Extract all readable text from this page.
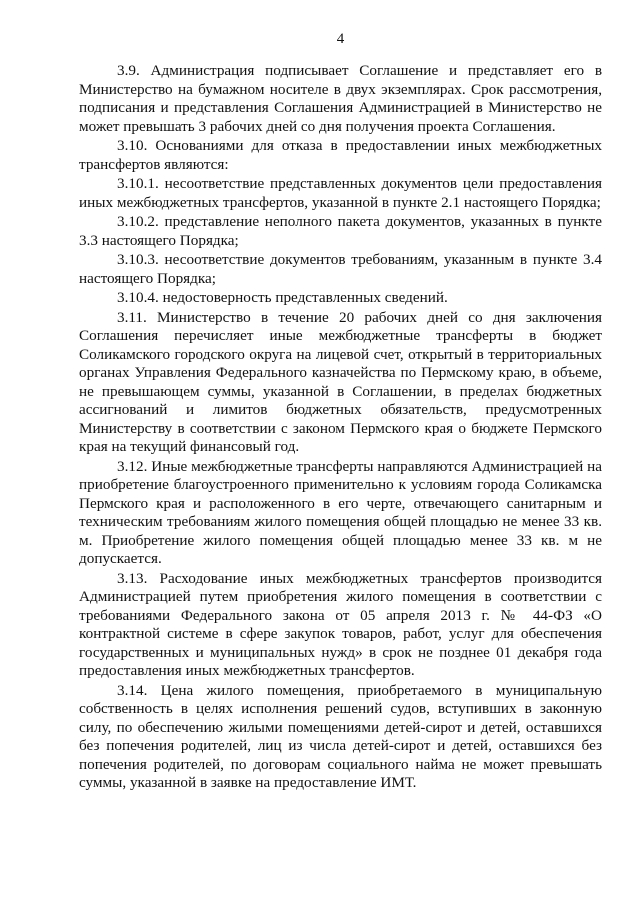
4

3.9. Администрация подписывает Соглашение и представляет его в Министерство на бумажном носителе в двух экземплярах. Срок рассмотрения, подписания и представления Соглашения Администрацией в Министерство не может превышать 3 рабочих дней со дня получения проекта Соглашения.

3.10. Основаниями для отказа в предоставлении иных межбюджетных трансфертов являются:

3.10.1. несоответствие представленных документов цели предоставления иных межбюджетных трансфертов, указанной в пункте 2.1 настоящего Порядка;

3.10.2. представление неполного пакета документов, указанных в пункте 3.3 настоящего Порядка;

3.10.3. несоответствие документов требованиям, указанным в пункте 3.4 настоящего Порядка;

3.10.4. недостоверность представленных сведений.

3.11. Министерство в течение 20 рабочих дней со дня заключения Соглашения перечисляет иные межбюджетные трансферты в бюджет Соликамского городского округа на лицевой счет, открытый в территориальных органах Управления Федерального казначейства по Пермскому краю, в объеме, не превышающем суммы, указанной в Соглашении, в пределах бюджетных ассигнований и лимитов бюджетных обязательств, предусмотренных Министерству в соответствии с законом Пермского края о бюджете Пермского края на текущий финансовый год.

3.12. Иные межбюджетные трансферты направляются Администрацией на приобретение благоустроенного применительно к условиям города Соликамска Пермского края и расположенного в его черте, отвечающего санитарным и техническим требованиям жилого помещения общей площадью не менее 33 кв. м. Приобретение жилого помещения общей площадью менее 33 кв. м не допускается.

3.13. Расходование иных межбюджетных трансфертов производится Администрацией путем приобретения жилого помещения в соответствии с требованиями Федерального закона от 05 апреля 2013 г. № 44-ФЗ «О контрактной системе в сфере закупок товаров, работ, услуг для обеспечения государственных и муниципальных нужд» в срок не позднее 01 декабря года предоставления иных межбюджетных трансфертов.

3.14. Цена жилого помещения, приобретаемого в муниципальную собственность в целях исполнения решений судов, вступивших в законную силу, по обеспечению жилыми помещениями детей-сирот и детей, оставшихся без попечения родителей, лиц из числа детей-сирот и детей, оставшихся без попечения родителей, по договорам социального найма не может превышать суммы, указанной в заявке на предоставление ИМТ.
